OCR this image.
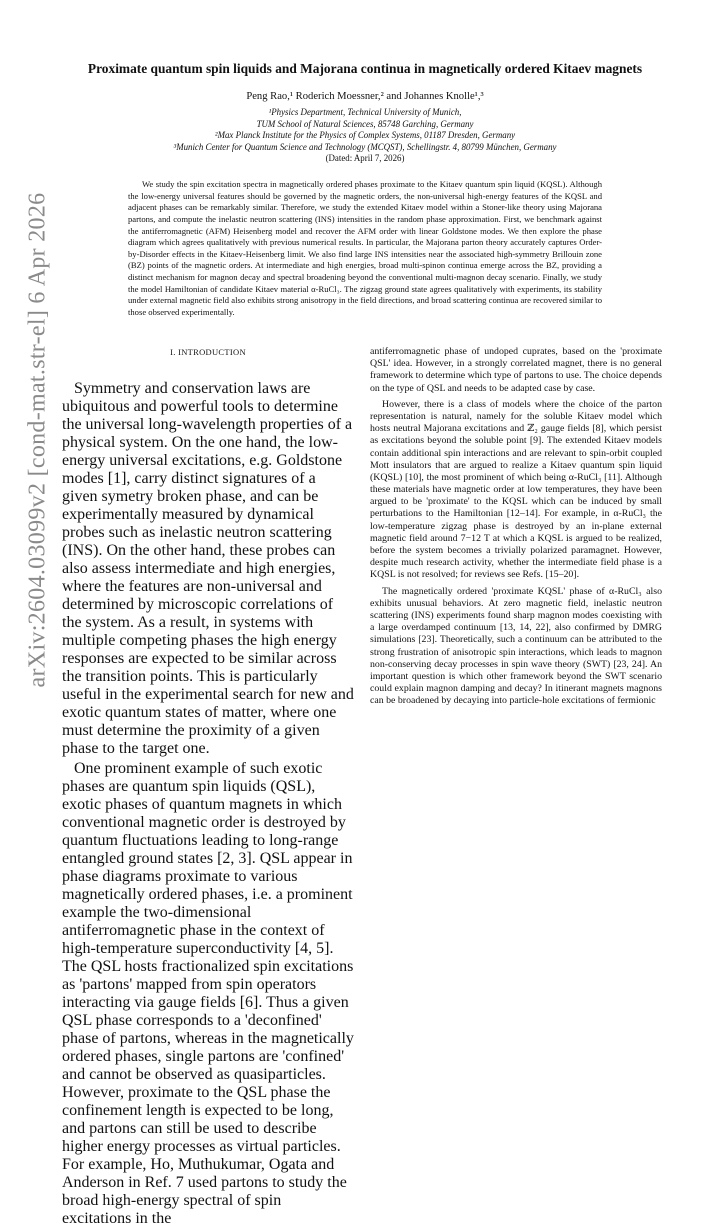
arXiv:2604.03099v2 [cond-mat.str-el] 6 Apr 2026
Proximate quantum spin liquids and Majorana continua in magnetically ordered Kitaev magnets
Peng Rao,¹ Roderich Moessner,² and Johannes Knolle¹,³
¹Physics Department, Technical University of Munich,
TUM School of Natural Sciences, 85748 Garching, Germany
²Max Planck Institute for the Physics of Complex Systems, 01187 Dresden, Germany
³Munich Center for Quantum Science and Technology (MCQST), Schellingstr. 4, 80799 München, Germany
(Dated: April 7, 2026)
We study the spin excitation spectra in magnetically ordered phases proximate to the Kitaev quantum spin liquid (KQSL). Although the low-energy universal features should be governed by the magnetic orders, the non-universal high-energy features of the KQSL and adjacent phases can be remarkably similar. Therefore, we study the extended Kitaev model within a Stoner-like theory using Majorana partons, and compute the inelastic neutron scattering (INS) intensities in the random phase approximation. First, we benchmark against the antiferromagnetic (AFM) Heisenberg model and recover the AFM order with linear Goldstone modes. We then explore the phase diagram which agrees qualitatively with previous numerical results. In particular, the Majorana parton theory accurately captures Order-by-Disorder effects in the Kitaev-Heisenberg limit. We also find large INS intensities near the associated high-symmetry Brillouin zone (BZ) points of the magnetic orders. At intermediate and high energies, broad multi-spinon continua emerge across the BZ, providing a distinct mechanism for magnon decay and spectral broadening beyond the conventional multi-magnon decay scenario. Finally, we study the model Hamiltonian of candidate Kitaev material α-RuCl₃. The zigzag ground state agrees qualitatively with experiments, its stability under external magnetic field also exhibits strong anisotropy in the field directions, and broad scattering continua are recovered similar to those observed experimentally.
I. INTRODUCTION

Symmetry and conservation laws are ubiquitous and powerful tools to determine the universal long-wavelength properties of a physical system. On the one hand, the low-energy universal excitations, e.g. Goldstone modes [1], carry distinct signatures of a given symetry broken phase, and can be experimentally measured by dynamical probes such as inelastic neutron scattering (INS). On the other hand, these probes can also assess intermediate and high energies, where the features are non-universal and determined by microscopic correlations of the system. As a result, in systems with multiple competing phases the high energy responses are expected to be similar across the transition points. This is particularly useful in the experimental search for new and exotic quantum states of matter, where one must determine the proximity of a given phase to the target one.

One prominent example of such exotic phases are quantum spin liquids (QSL), exotic phases of quantum magnets in which conventional magnetic order is destroyed by quantum fluctuations leading to long-range entangled ground states [2, 3]. QSL appear in phase diagrams proximate to various magnetically ordered phases, i.e. a prominent example the two-dimensional antiferromagnetic phase in the context of high-temperature superconductivity [4, 5]. The QSL hosts fractionalized spin excitations as 'partons' mapped from spin operators interacting via gauge fields [6]. Thus a given QSL phase corresponds to a 'deconfined' phase of partons, whereas in the magnetically ordered phases, single partons are 'confined' and cannot be observed as quasiparticles. However, proximate to the QSL phase the confinement length is expected to be long, and partons can still be used to describe higher energy processes as virtual particles. For example, Ho, Muthukumar, Ogata and Anderson in Ref. 7 used partons to study the broad high-energy spectral of spin excitations in the

antiferromagnetic phase of undoped cuprates, based on the 'proximate QSL' idea. However, in a strongly correlated magnet, there is no general framework to determine which type of partons to use. The choice depends on the type of QSL and needs to be adapted case by case.

However, there is a class of models where the choice of the parton representation is natural, namely for the soluble Kitaev model which hosts neutral Majorana excitations and ℤ₂ gauge fields [8], which persist as excitations beyond the soluble point [9]. The extended Kitaev models contain additional spin interactions and are relevant to spin-orbit coupled Mott insulators that are argued to realize a Kitaev quantum spin liquid (KQSL) [10], the most prominent of which being α-RuCl₃ [11]. Although these materials have magnetic order at low temperatures, they have been argued to be 'proximate' to the KQSL which can be induced by small perturbations to the Hamiltonian [12–14]. For example, in α-RuCl₃ the low-temperature zigzag phase is destroyed by an in-plane external magnetic field around 7−12 T at which a KQSL is argued to be realized, before the system becomes a trivially polarized paramagnet. However, despite much research activity, whether the intermediate field phase is a KQSL is not resolved; for reviews see Refs. [15–20].

The magnetically ordered 'proximate KQSL' phase of α-RuCl₃ also exhibits unusual behaviors. At zero magnetic field, inelastic neutron scattering (INS) experiments found sharp magnon modes coexisting with a large overdamped continuum [13, 14, 22], also confirmed by DMRG simulations [23]. Theoretically, such a continuum can be attributed to the strong frustration of anisotropic spin interactions, which leads to magnon non-conserving decay processes in spin wave theory (SWT) [23, 24]. An important question is which other framework beyond the SWT scenario could explain magnon damping and decay? In itinerant magnets magnons can be broadened by decaying into particle-hole excitations of fermionic
